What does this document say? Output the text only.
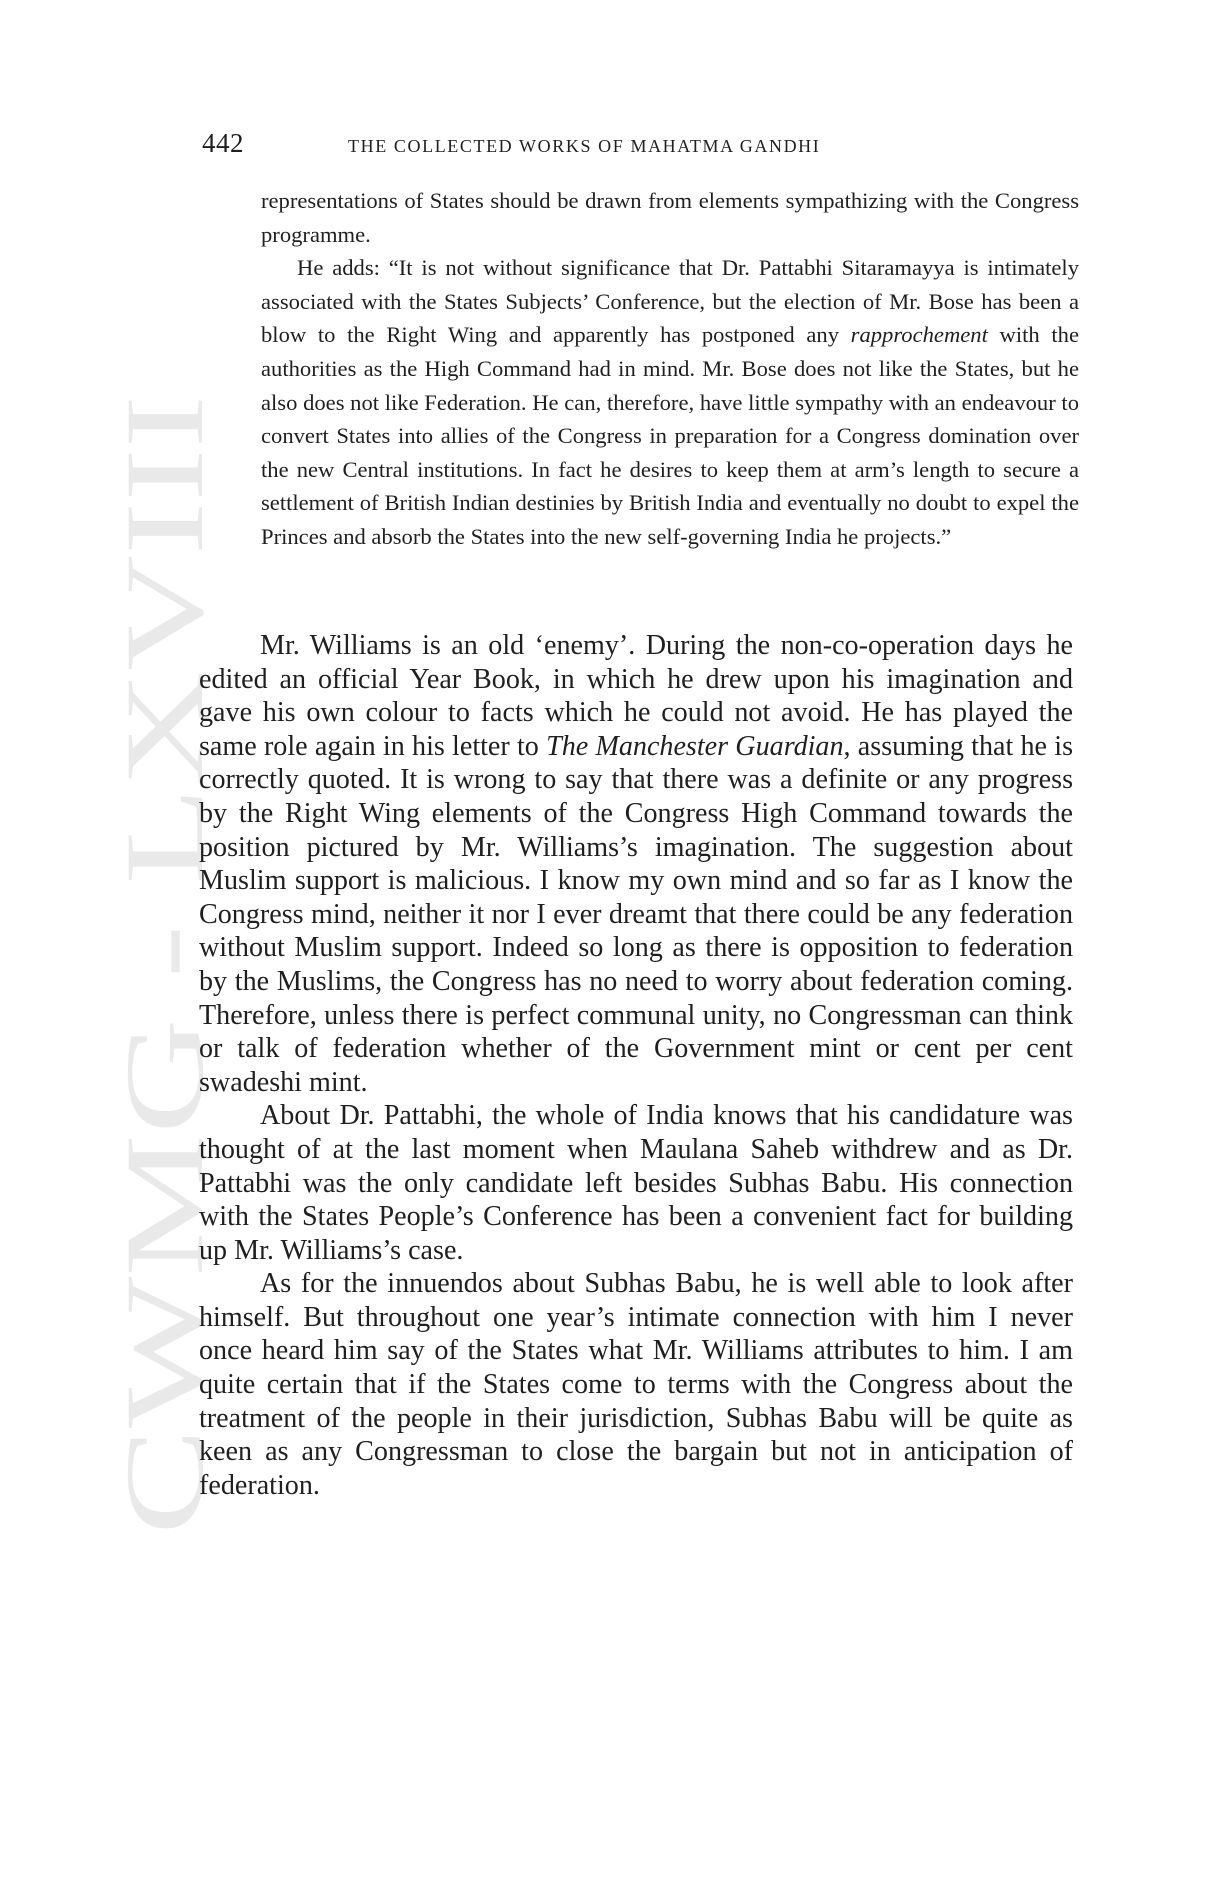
CWMG - LXVIII
442	THE COLLECTED WORKS OF MAHATMA GANDHI

representations of States should be drawn from elements sympathizing with the Congress programme.

He adds: “It is not without significance that Dr. Pattabhi Sitaramayya is intimately associated with the States Subjects’ Conference, but the election of Mr. Bose has been a blow to the Right Wing and apparently has postponed any rapprochement with the authorities as the High Command had in mind. Mr. Bose does not like the States, but he also does not like Federation. He can, therefore, have little sympathy with an endeavour to convert States into allies of the Congress in preparation for a Congress domination over the new Central institutions. In fact he desires to keep them at arm’s length to secure a settlement of British Indian destinies by British India and eventually no doubt to expel the Princes and absorb the States into the new self-governing India he projects.”

Mr. Williams is an old ‘enemy’. During the non-co-operation days he edited an official Year Book, in which he drew upon his imagination and gave his own colour to facts which he could not avoid. He has played the same role again in his letter to The Manchester Guardian, assuming that he is correctly quoted. It is wrong to say that there was a definite or any progress by the Right Wing elements of the Congress High Command towards the position pictured by Mr. Williams’s imagination. The suggestion about Muslim support is malicious. I know my own mind and so far as I know the Congress mind, neither it nor I ever dreamt that there could be any federation without Muslim support. Indeed so long as there is opposition to federation by the Muslims, the Congress has no need to worry about federation coming. Therefore, unless there is perfect communal unity, no Congressman can think or talk of federation whether of the Government mint or cent per cent swadeshi mint.

About Dr. Pattabhi, the whole of India knows that his candidature was thought of at the last moment when Maulana Saheb withdrew and as Dr. Pattabhi was the only candidate left besides Subhas Babu. His connection with the States People’s Conference has been a convenient fact for building up Mr. Williams’s case.

As for the innuendos about Subhas Babu, he is well able to look after himself. But throughout one year’s intimate connection with him I never once heard him say of the States what Mr. Williams attributes to him. I am quite certain that if the States come to terms with the Congress about the treatment of the people in their jurisdiction, Subhas Babu will be quite as keen as any Congressman to close the bargain but not in anticipation of federation.
